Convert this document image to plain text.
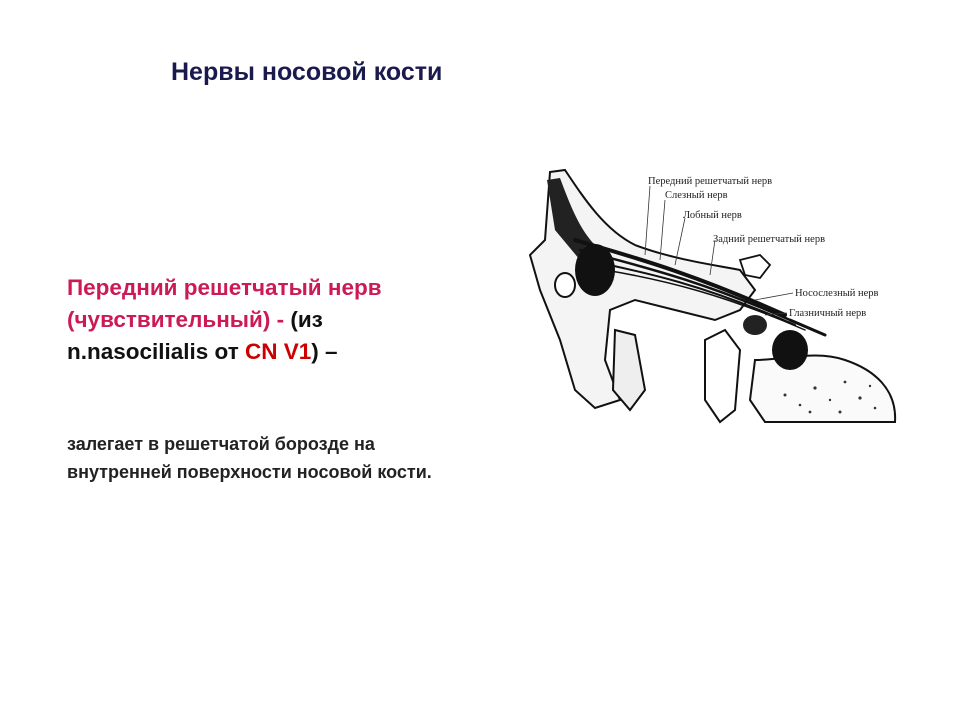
Нервы носовой кости

Передний решетчатый нерв (чувствительный) - (из n.nasocilialis от CN V1) –

залегает в решетчатой борозде на внутренней поверхности носовой кости.

Передний решетчатый нерв
Слезный нерв
Лобный нерв
Задний решетчатый нерв
Носослезный нерв
Глазничный нерв
